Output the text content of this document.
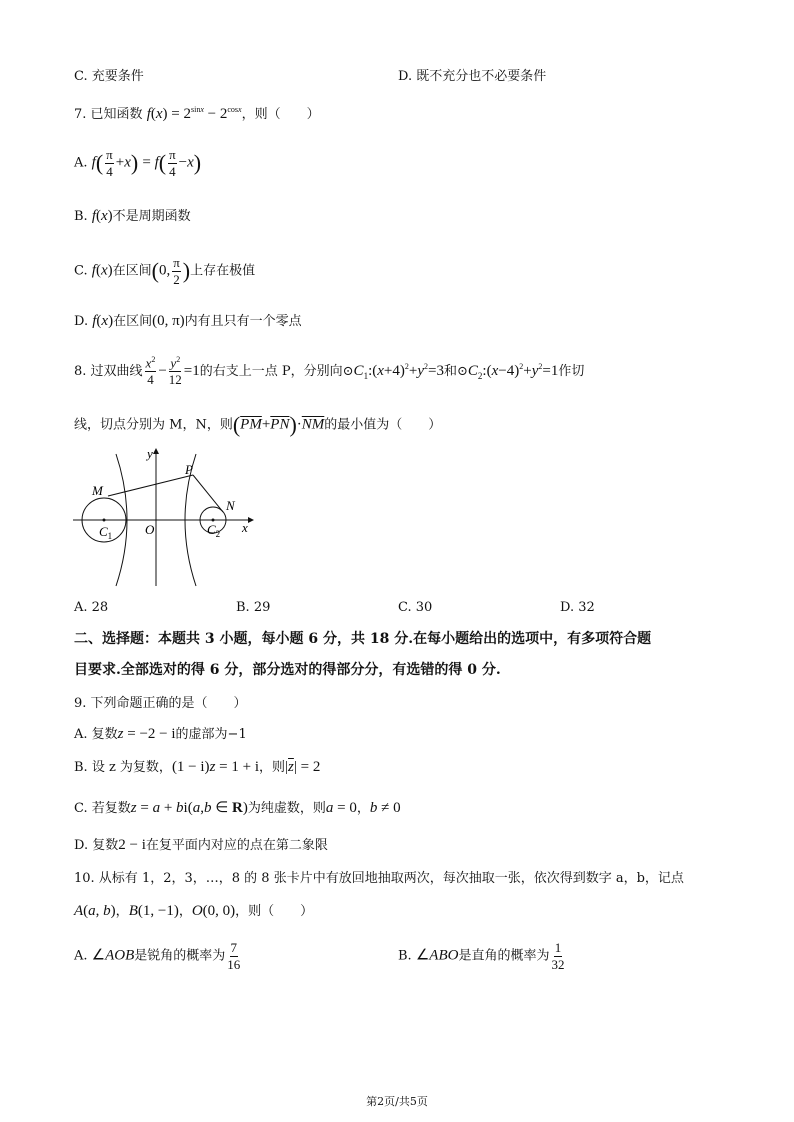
C. 充要条件	D. 既不充分也不必要条件
7. 已知函数 $f(x) = 2^{sinx} - 2^{cosx}$，则（　　）
A. $f( \frac{\pi}{4} +x) = f( \frac{\pi}{4} -x)$
B. f(x)不是周期函数
C. f(x)在区间(0, $\frac{\pi}{2}$ )上存在极值
D. f(x)在区间(0, π)内有且只有一个零点
8. 过双曲线 $\frac{x^2}{4} - \frac{y^2}{12} =1$的右支上一点 P，分别向$⊙C_1:(x+4)^2+y^2=3$和$⊙C_2:(x-4)^2+y^2=1$作切
线，切点分别为 M，N，则$(\overline{PM}+\overline{PN})\cdot\overline{NM}$的最小值为（　　）
y
x
P
M
N
O
$C_1$	$C_2$
A. 28	B. 29	C. 30	D. 32
二、选择题：本题共 3 小题，每小题 6 分，共 18 分.在每小题给出的选项中，有多项符合题
目要求.全部选对的得 6 分，部分选对的得部分分，有选错的得 0 分.
9. 下列命题正确的是（　　）
A. 复数z = −2 − i的虚部为−1
B. 设 z 为复数，(1 − i)z = 1 + i，则$|\overline{z}| = 2$
C. 若复数z = a + bi(a,b ∈ R)为纯虚数，则a = 0，b ≠ 0
D. 复数2 − i在复平面内对应的点在第二象限
10. 从标有 1，2，3，…，8 的 8 张卡片中有放回地抽取两次，每次抽取一张，依次得到数字 a，b，记点
A(a, b)，B(1, −1)，O(0, 0)，则（　　）
A. ∠AOB是锐角的概率为 $\frac{7}{16}$	B. ∠ABO是直角的概率为 $\frac{1}{32}$
第2页/共5页
